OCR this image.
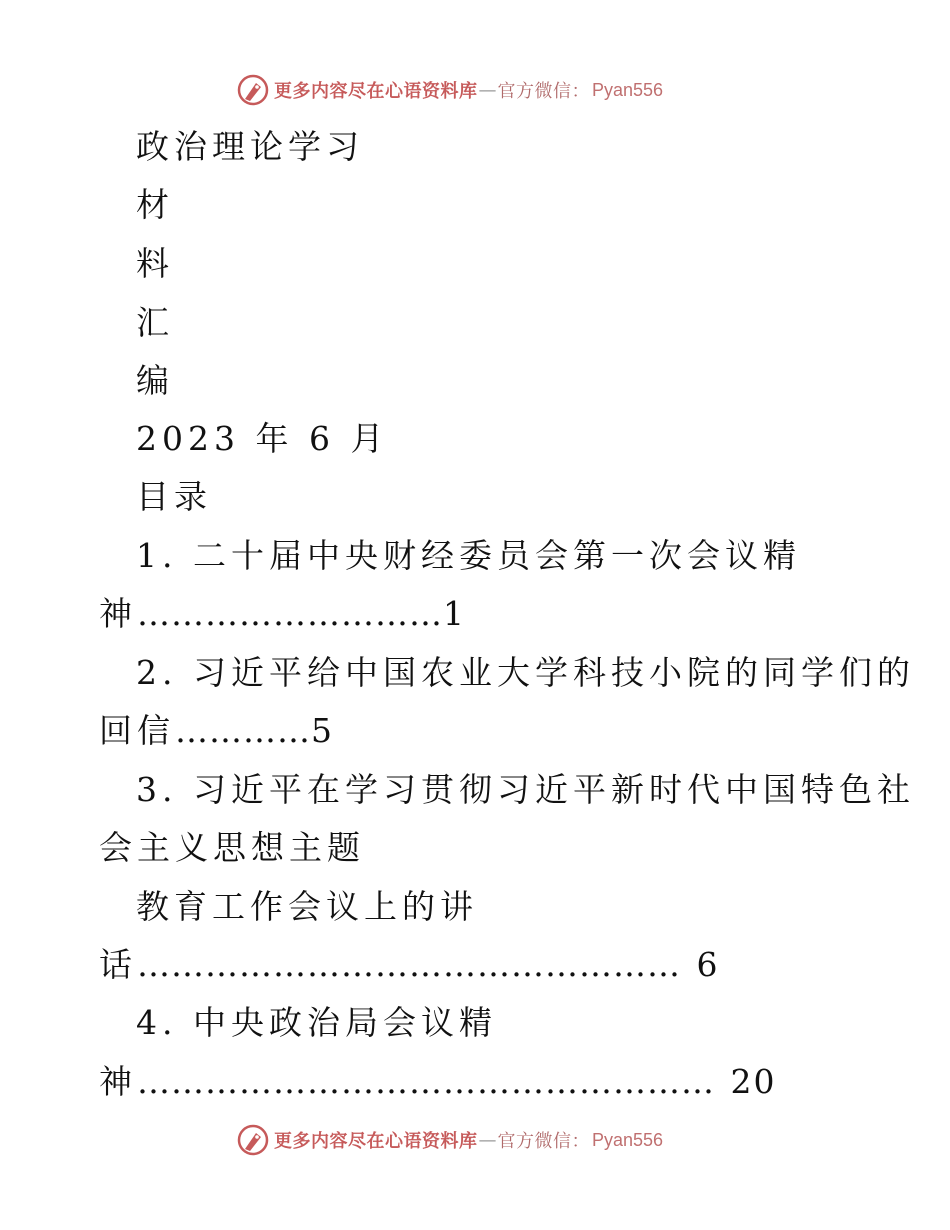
更多内容尽在心语资料库 — 官方微信： Pyan556
政治理论学习
材
料
汇
编
2023 年 6 月
目录
1. 二十届中央财经委员会第一次会议精
神………………………1
2. 习近平给中国农业大学科技小院的同学们的
回信…………5
3. 习近平在学习贯彻习近平新时代中国特色社
会主义思想主题
教育工作会议上的讲
话………………………………………… 6
4. 中央政治局会议精
神…………………………………………… 20
更多内容尽在心语资料库 — 官方微信： Pyan556
